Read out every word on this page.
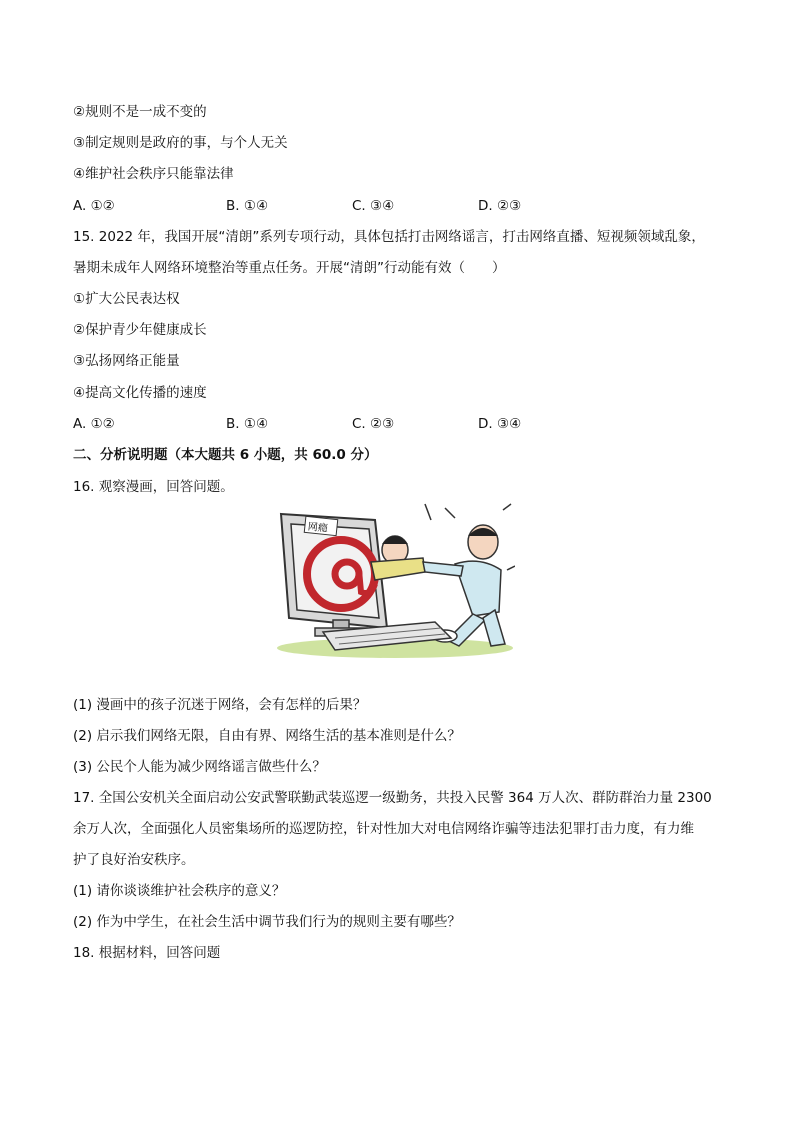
②规则不是一成不变的
③制定规则是政府的事，与个人无关
④维护社会秩序只能靠法律
A. ①②	B. ①④	C. ③④	D. ②③
15. 2022 年，我国开展“清朗”系列专项行动，具体包括打击网络谣言，打击网络直播、短视频领域乱象，
暑期未成年人网络环境整治等重点任务。开展“清朗”行动能有效（　　）
①扩大公民表达权
②保护青少年健康成长
③弘扬网络正能量
④提高文化传播的速度
A. ①②	B. ①④	C. ②③	D. ③④
二、分析说明题（本大题共 6 小题，共 60.0 分）
16. 观察漫画，回答问题。
网瘾
(1) 漫画中的孩子沉迷于网络，会有怎样的后果？
(2) 启示我们网络无限，自由有界、网络生活的基本准则是什么？
(3) 公民个人能为减少网络谣言做些什么？
17. 全国公安机关全面启动公安武警联勤武装巡逻一级勤务，共投入民警 364 万人次、群防群治力量 2300
余万人次，全面强化人员密集场所的巡逻防控，针对性加大对电信网络诈骗等违法犯罪打击力度，有力维
护了良好治安秩序。
(1) 请你谈谈维护社会秩序的意义？
(2) 作为中学生，在社会生活中调节我们行为的规则主要有哪些？
18. 根据材料，回答问题
